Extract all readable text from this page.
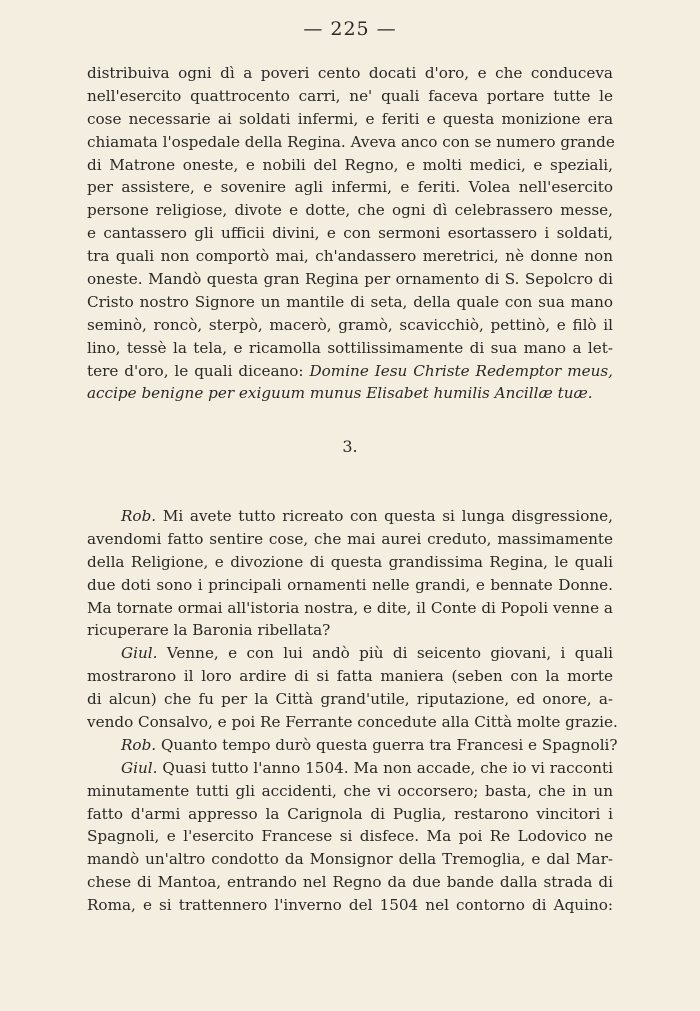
— 225 —
distribuiva ogni dì a poveri cento docati d'oro, e che conduceva
nell'esercito quattrocento carri, ne' quali faceva portare tutte le
cose necessarie ai soldati infermi, e feriti e questa monizione era
chiamata l'ospedale della Regina. Aveva anco con se numero grande
di Matrone oneste, e nobili del Regno, e molti medici, e speziali,
per assistere, e sovenire agli infermi, e feriti. Volea nell'esercito
persone religiose, divote e dotte, che ogni dì celebrassero messe,
e cantassero gli ufficii divini, e con sermoni esortassero i soldati,
tra quali non comportò mai, ch'andassero meretrici, nè donne non
oneste. Mandò questa gran Regina per ornamento di S. Sepolcro di
Cristo nostro Signore un mantile di seta, della quale con sua mano
seminò, roncò, sterpò, macerò, gramò, scavicchiò, pettinò, e filò il
lino, tessè la tela, e ricamolla sottilissimamente di sua mano a let-
tere d'oro, le quali diceano: Domine Iesu Christe Redemptor meus,
accipe benigne per exiguum munus Elisabet humilis Ancillæ tuæ.
3.
Rob. Mi avete tutto ricreato con questa si lunga disgressione,
avendomi fatto sentire cose, che mai aurei creduto, massimamente
della Religione, e divozione di questa grandissima Regina, le quali
due doti sono i principali ornamenti nelle grandi, e bennate Donne.
Ma tornate ormai all'istoria nostra, e dite, il Conte di Popoli venne a
ricuperare la Baronia ribellata?
Giul. Venne, e con lui andò più di seicento giovani, i quali
mostrarono il loro ardire di si fatta maniera (seben con la morte
di alcun) che fu per la Città grand'utile, riputazione, ed onore, a-
vendo Consalvo, e poi Re Ferrante concedute alla Città molte grazie.
Rob. Quanto tempo durò questa guerra tra Francesi e Spagnoli?
Giul. Quasi tutto l'anno 1504. Ma non accade, che io vi racconti
minutamente tutti gli accidenti, che vi occorsero; basta, che in un
fatto d'armi appresso la Carignola di Puglia, restarono vincitori i
Spagnoli, e l'esercito Francese si disfece. Ma poi Re Lodovico ne
mandò un'altro condotto da Monsignor della Tremoglia, e dal Mar-
chese di Mantoa, entrando nel Regno da due bande dalla strada di
Roma, e si trattennero l'inverno del 1504 nel contorno di Aquino:
